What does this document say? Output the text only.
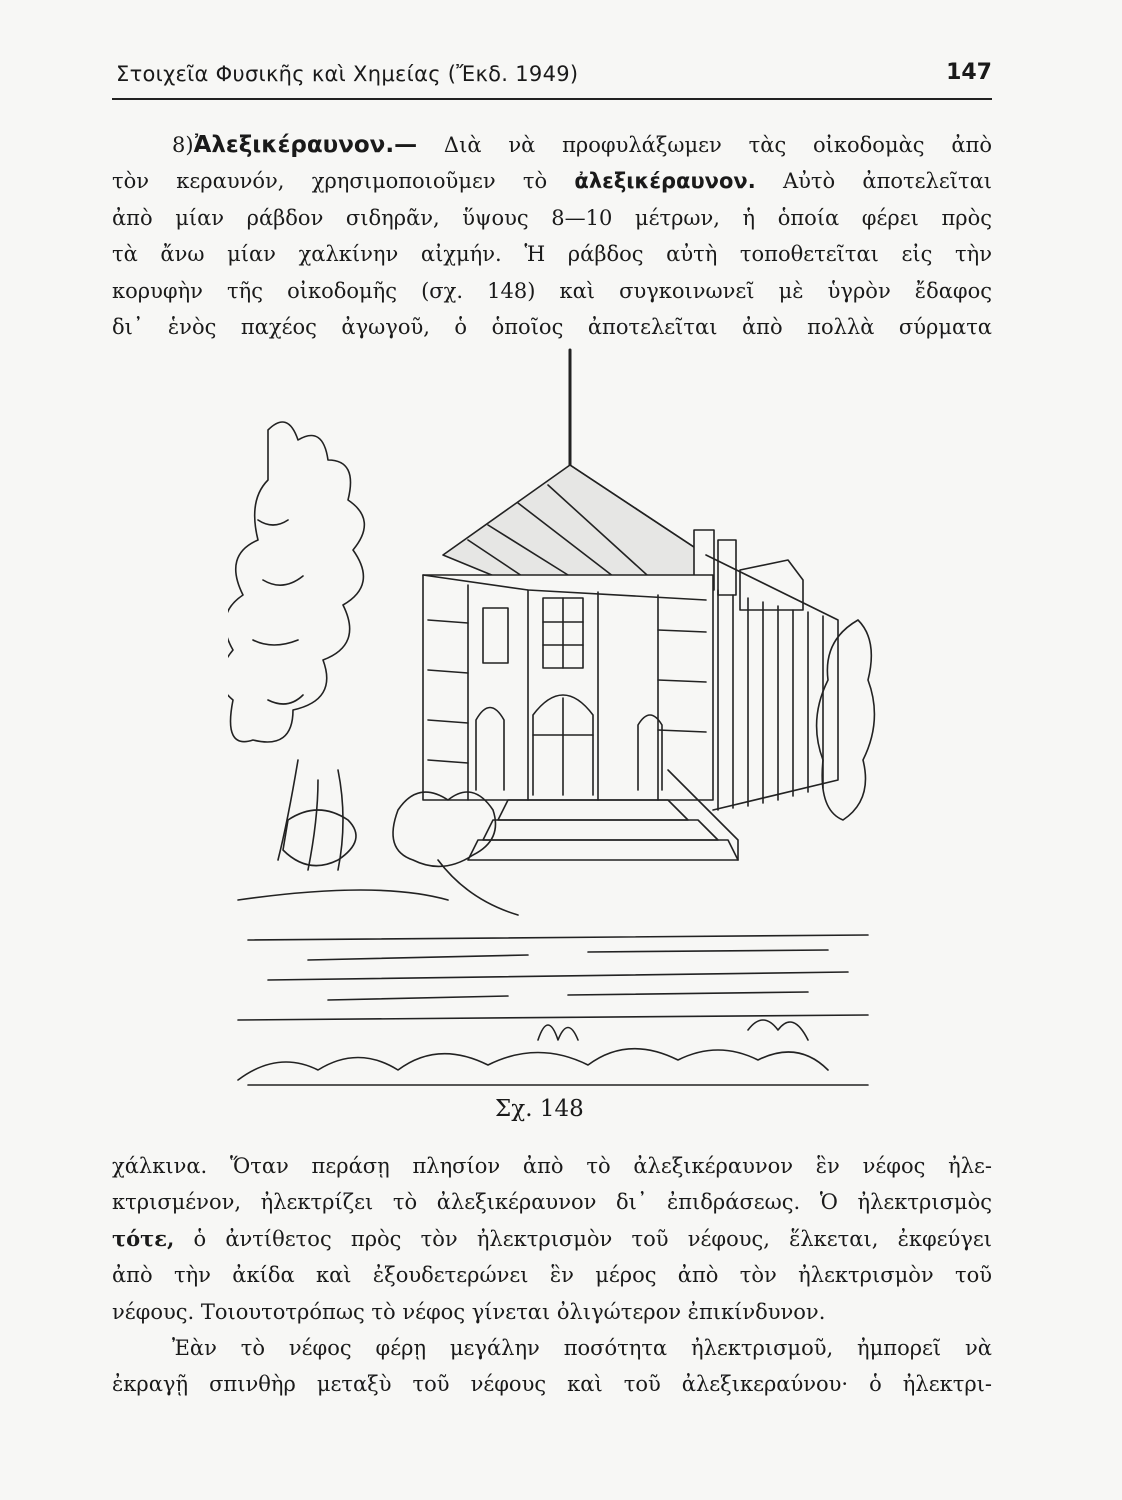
Στοιχεῖα Φυσικῆς καὶ Χημείας (Ἔκδ. 1949)	147
8)Ἀλεξικέραυνον.— Διὰ νὰ προφυλάξωμεν τὰς οἰκοδομὰς ἀπὸ
τὸν κεραυνόν, χρησιμοποιοῦμεν τὸ ἀλεξικέραυνον. Αὐτὸ ἀποτελεῖται
ἀπὸ μίαν ράβδον σιδηρᾶν, ὕψους 8—10 μέτρων, ἡ ὁποία φέρει πρὸς
τὰ ἄνω μίαν χαλκίνην αἰχμήν. Ἡ ράβδος αὐτὴ τοποθετεῖται εἰς τὴν
κορυφὴν τῆς οἰκοδομῆς (σχ. 148) καὶ συγκοινωνεῖ μὲ ὑγρὸν ἔδαφος
δι᾿ ἑνὸς παχέος ἀγωγοῦ, ὁ ὁποῖος ἀποτελεῖται ἀπὸ πολλὰ σύρματα
Σχ. 148
χάλκινα. Ὅταν περάσῃ πλησίον ἀπὸ τὸ ἀλεξικέραυνον ἓν νέφος ἠλε-
κτρισμένον, ἠλεκτρίζει τὸ ἀλεξικέραυνον δι᾿ ἐπιδράσεως. Ὁ ἠλεκτρισμὸς
τότε, ὁ ἀντίθετος πρὸς τὸν ἠλεκτρισμὸν τοῦ νέφους, ἕλκεται, ἐκφεύγει
ἀπὸ τὴν ἀκίδα καὶ ἐξουδετερώνει ἓν μέρος ἀπὸ τὸν ἠλεκτρισμὸν τοῦ
νέφους. Τοιουτοτρόπως τὸ νέφος γίνεται ὀλιγώτερον ἐπικίνδυνον.
Ἐὰν τὸ νέφος φέρῃ μεγάλην ποσότητα ἠλεκτρισμοῦ, ἠμπορεῖ νὰ
ἐκραγῇ σπινθὴρ μεταξὺ τοῦ νέφους καὶ τοῦ ἀλεξικεραύνου· ὁ ἠλεκτρι-
